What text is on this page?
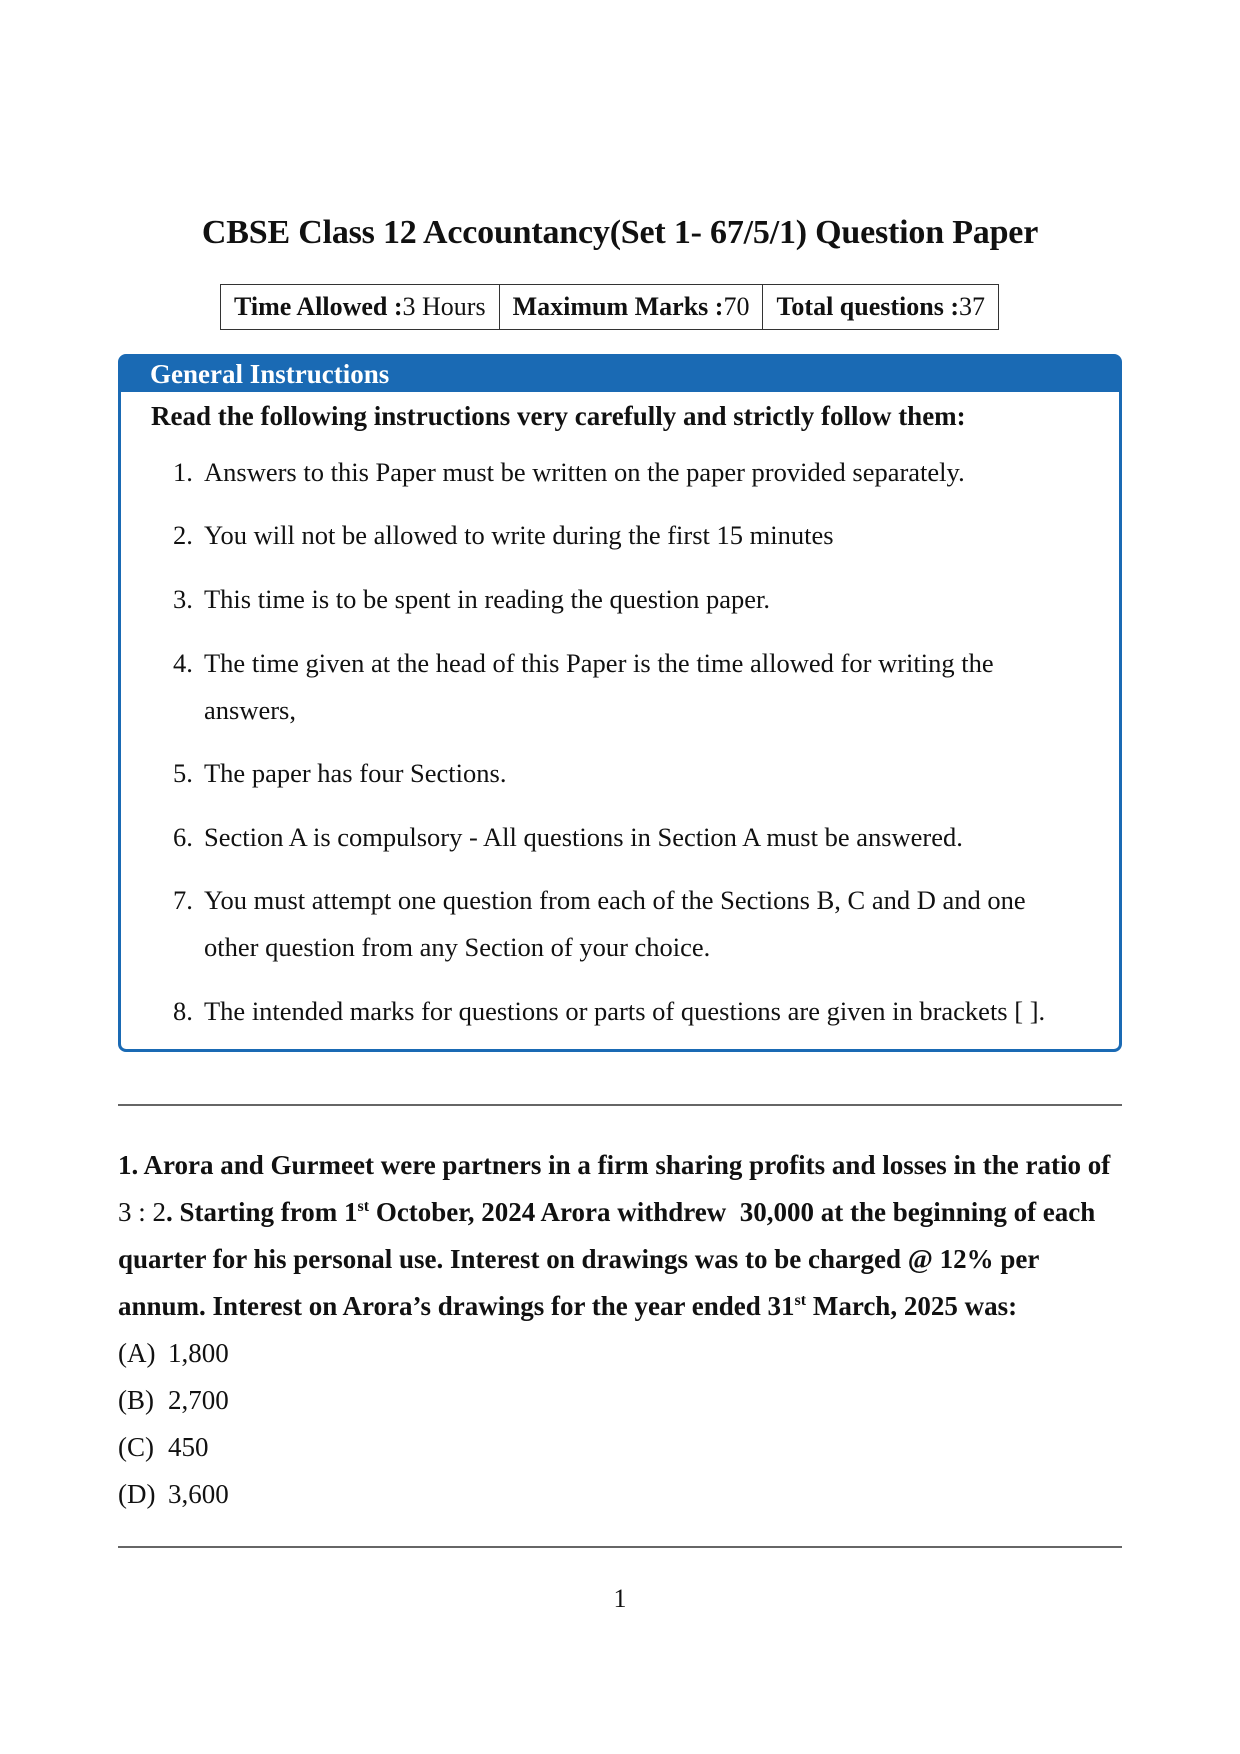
CBSE Class 12 Accountancy(Set 1- 67/5/1) Question Paper
Time Allowed : 3 Hours Maximum Marks : 70 Total questions : 37
General Instructions
Read the following instructions very carefully and strictly follow them:
1. Answers to this Paper must be written on the paper provided separately.
2. You will not be allowed to write during the first 15 minutes
3. This time is to be spent in reading the question paper.
4. The time given at the head of this Paper is the time allowed for writing the answers,
5. The paper has four Sections.
6. Section A is compulsory - All questions in Section A must be answered.
7. You must attempt one question from each of the Sections B, C and D and one other question from any Section of your choice.
8. The intended marks for questions or parts of questions are given in brackets [ ].
1. Arora and Gurmeet were partners in a firm sharing profits and losses in the ratio of
3 : 2. Starting from 1st October, 2024 Arora withdrew  30,000 at the beginning of each quarter for his personal use. Interest on drawings was to be charged @ 12% per annum. Interest on Arora’s drawings for the year ended 31st March, 2025 was:
(A) 1,800
(B) 2,700
(C) 450
(D) 3,600
1
